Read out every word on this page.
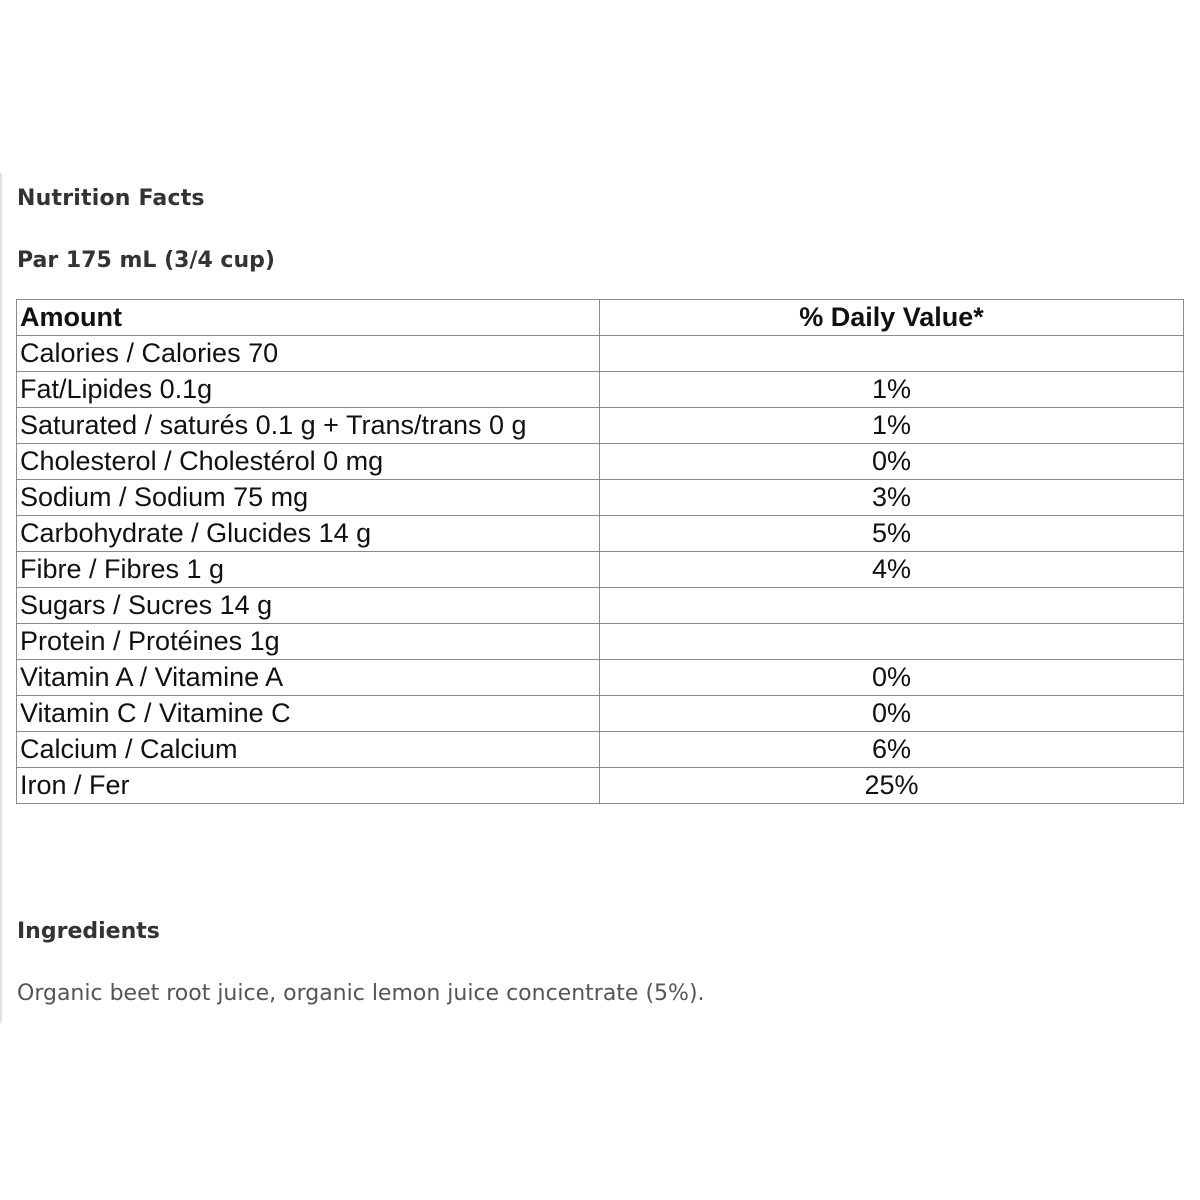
Nutrition Facts
Par 175 mL (3/4 cup)
Amount	% Daily Value*
Calories / Calories 70	
Fat/Lipides 0.1g	1%
Saturated / saturés 0.1 g + Trans/trans 0 g	1%
Cholesterol / Cholestérol 0 mg	0%
Sodium / Sodium 75 mg	3%
Carbohydrate / Glucides 14 g	5%
Fibre / Fibres 1 g	4%
Sugars / Sucres 14 g	
Protein / Protéines 1g	
Vitamin A / Vitamine A	0%
Vitamin C / Vitamine C	0%
Calcium / Calcium	6%
Iron / Fer	25%
Ingredients
Organic beet root juice, organic lemon juice concentrate (5%).
